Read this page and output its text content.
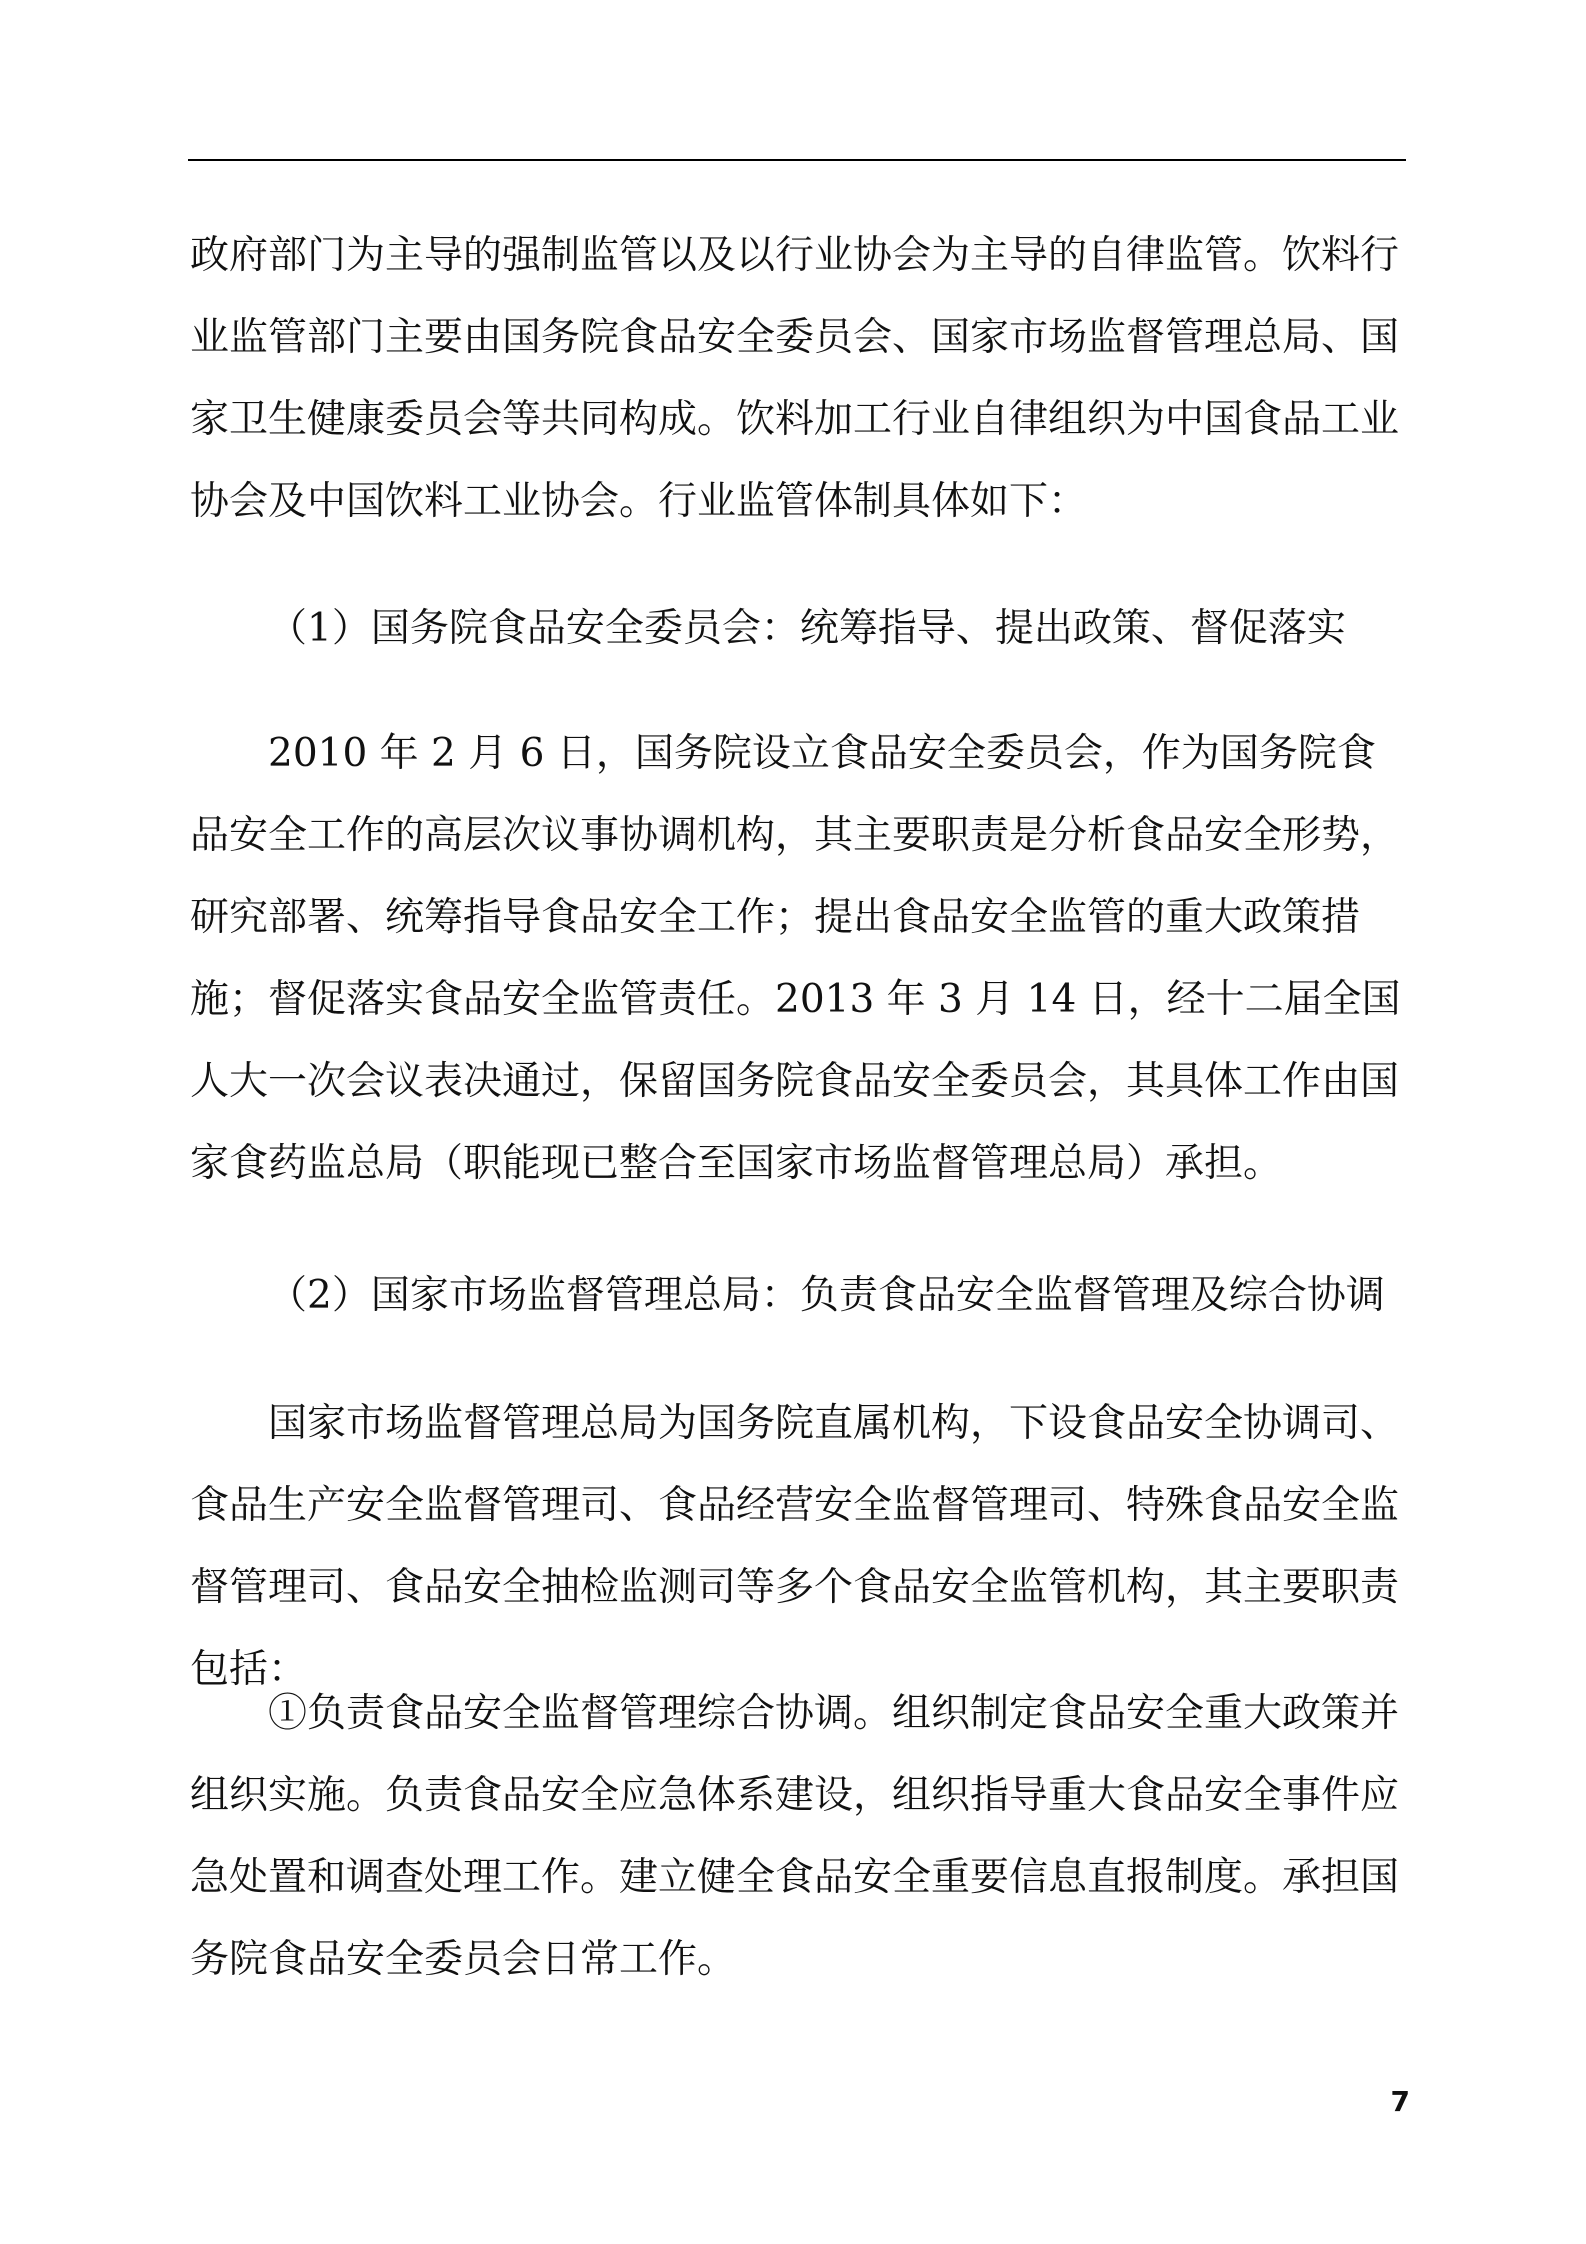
政府部门为主导的强制监管以及以行业协会为主导的自律监管。饮料行业监管部门主要由国务院食品安全委员会、国家市场监督管理总局、国家卫生健康委员会等共同构成。饮料加工行业自律组织为中国食品工业协会及中国饮料工业协会。行业监管体制具体如下：

（1）国务院食品安全委员会：统筹指导、提出政策、督促落实

2010 年 2 月 6 日，国务院设立食品安全委员会，作为国务院食品安全工作的高层次议事协调机构，其主要职责是分析食品安全形势，研究部署、统筹指导食品安全工作；提出食品安全监管的重大政策措施；督促落实食品安全监管责任。2013 年 3 月 14 日，经十二届全国人大一次会议表决通过，保留国务院食品安全委员会，其具体工作由国家食药监总局（职能现已整合至国家市场监督管理总局）承担。

（2）国家市场监督管理总局：负责食品安全监督管理及综合协调

国家市场监督管理总局为国务院直属机构，下设食品安全协调司、食品生产安全监督管理司、食品经营安全监督管理司、特殊食品安全监督管理司、食品安全抽检监测司等多个食品安全监管机构，其主要职责包括：

①负责食品安全监督管理综合协调。组织制定食品安全重大政策并组织实施。负责食品安全应急体系建设，组织指导重大食品安全事件应急处置和调查处理工作。建立健全食品安全重要信息直报制度。承担国务院食品安全委员会日常工作。

7
